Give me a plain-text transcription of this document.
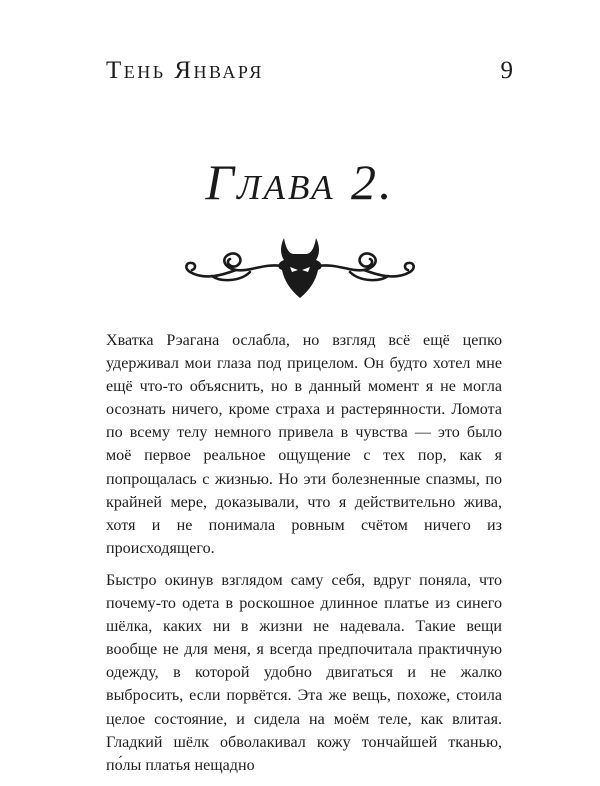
Тень Января	9
Глава 2.

Хватка Рэагана ослабла, но взгляд всё ещё цепко удерживал мои глаза под прицелом. Он будто хотел мне ещё что-то объяснить, но в данный момент я не могла осознать ничего, кроме страха и растерянности. Ломота по всему телу немного привела в чувства — это было моё первое реальное ощущение с тех пор, как я попрощалась с жизнью. Но эти болезненные спазмы, по крайней мере, доказывали, что я действительно жива, хотя и не понимала ровным счётом ничего из происходящего.

Быстро окинув взглядом саму себя, вдруг поняла, что почему-то одета в роскошное длинное платье из синего шёлка, каких ни в жизни не надевала. Такие вещи вообще не для меня, я всегда предпочитала практичную одежду, в которой удобно двигаться и не жалко выбросить, если порвётся. Эта же вещь, похоже, стоила целое состояние, и сидела на моём теле, как влитая. Гладкий шёлк обволакивал кожу тончайшей тканью, по́лы платья нещадно
